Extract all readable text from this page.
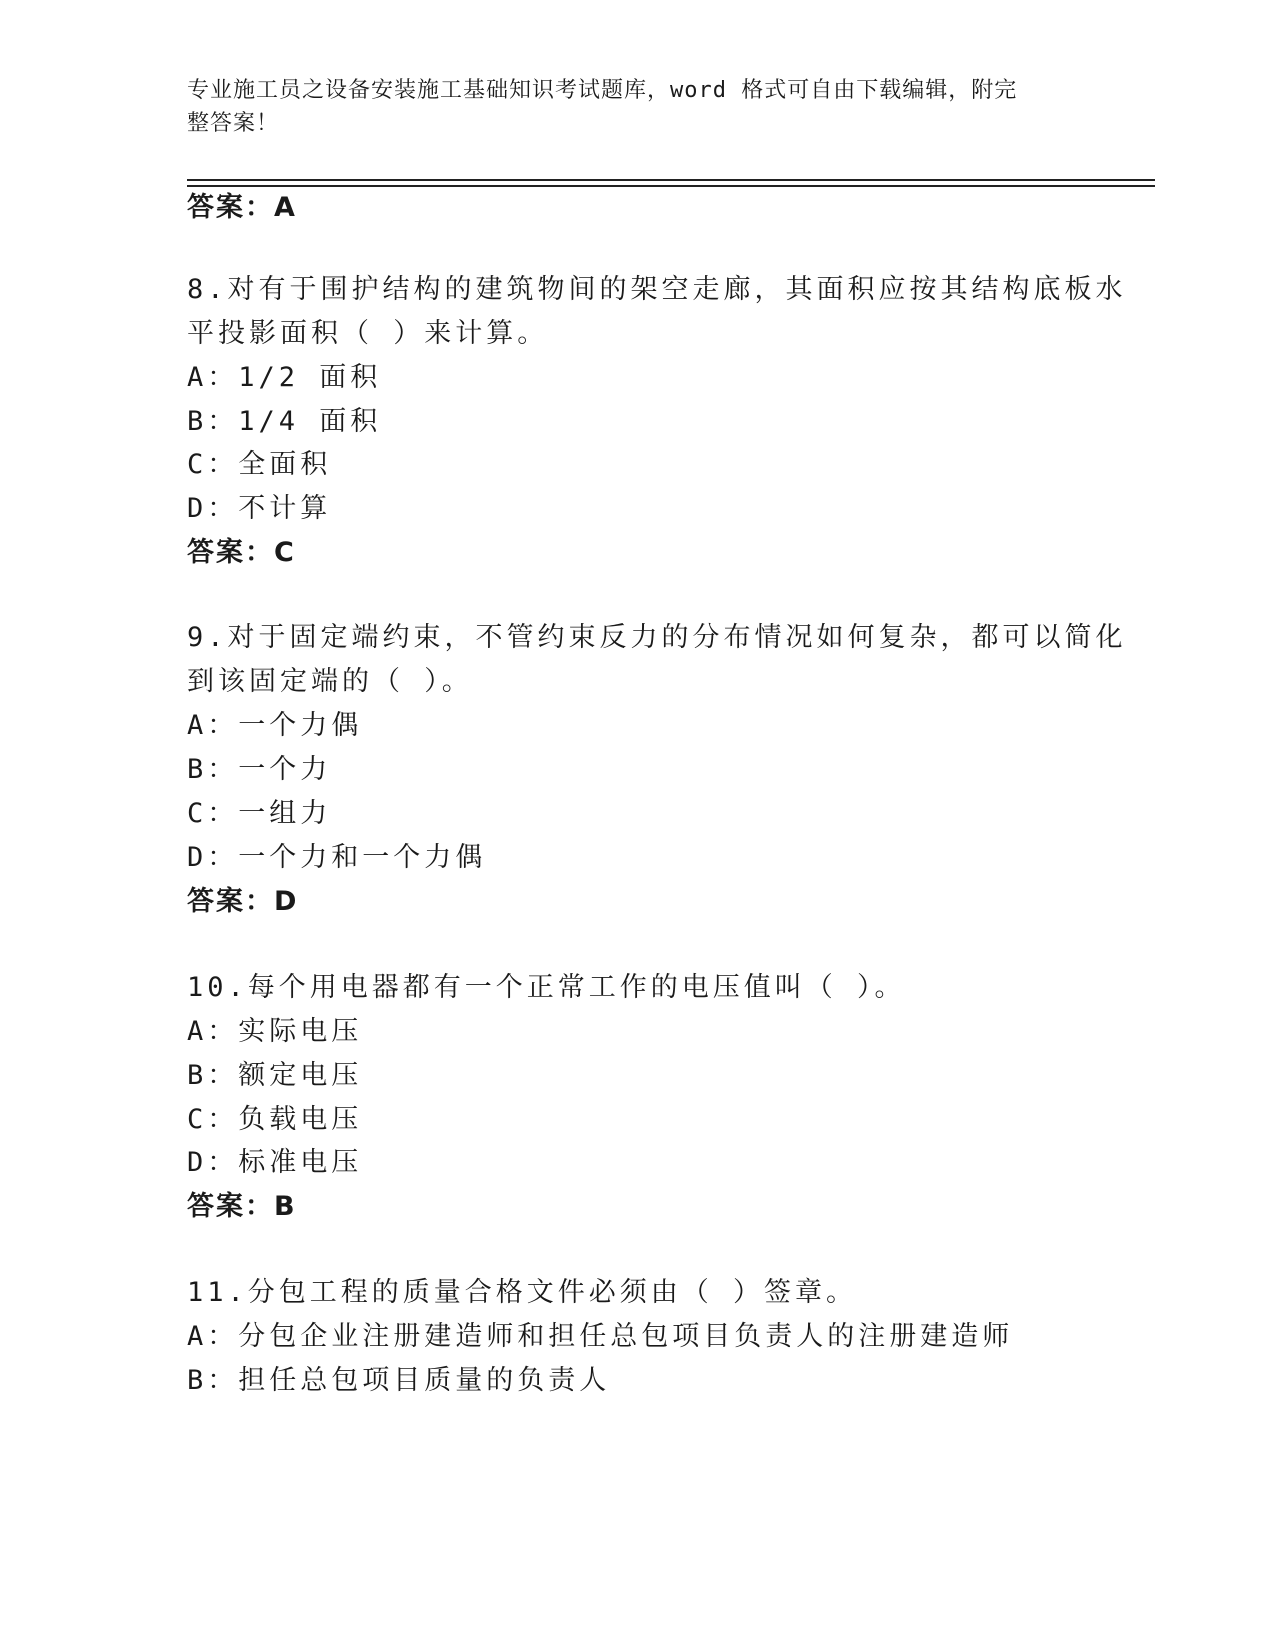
专业施工员之设备安装施工基础知识考试题库，word 格式可自由下载编辑，附完
整答案！
答案：A
8.对有于围护结构的建筑物间的架空走廊，其面积应按其结构底板水
平投影面积（ ）来计算。
A：1/2 面积
B：1/4 面积
C：全面积
D：不计算
答案：C
9.对于固定端约束，不管约束反力的分布情况如何复杂，都可以简化
到该固定端的（ ）。
A：一个力偶
B：一个力
C：一组力
D：一个力和一个力偶
答案：D
10.每个用电器都有一个正常工作的电压值叫（ ）。
A：实际电压
B：额定电压
C：负载电压
D：标准电压
答案：B
11.分包工程的质量合格文件必须由（ ）签章。
A：分包企业注册建造师和担任总包项目负责人的注册建造师
B：担任总包项目质量的负责人
